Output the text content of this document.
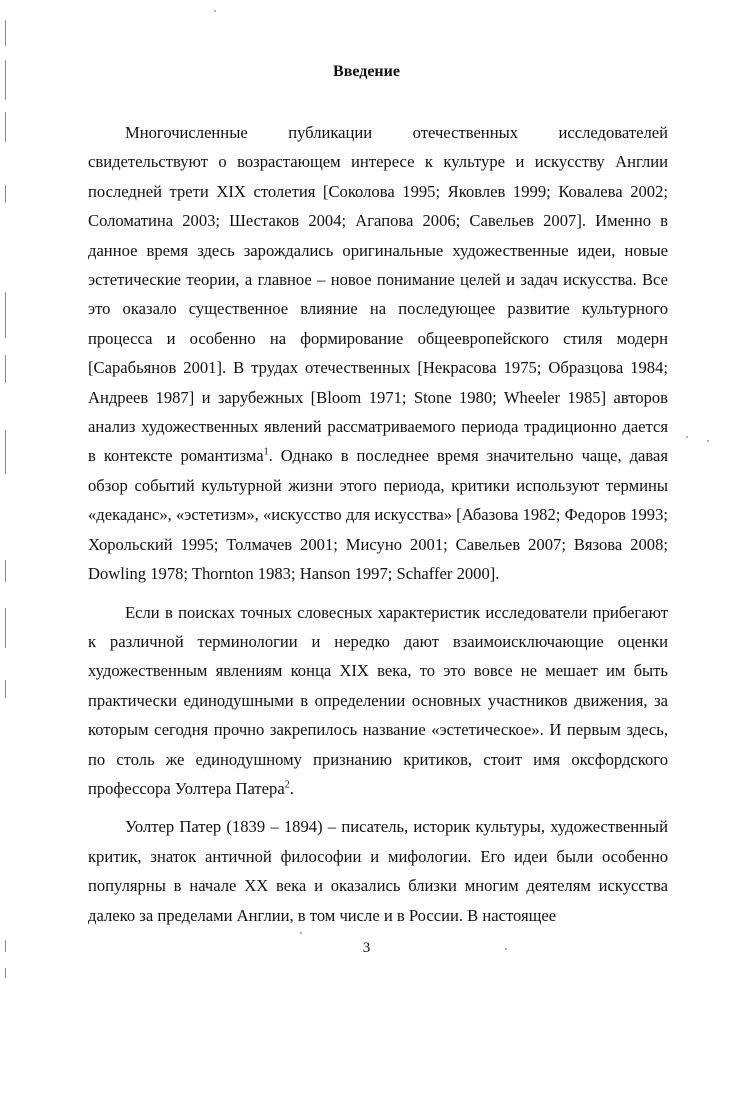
Введение

Многочисленные публикации отечественных исследователей свидетельствуют о возрастающем интересе к культуре и искусству Англии последней трети XIX столетия [Соколова 1995; Яковлев 1999; Ковалева 2002; Соломатина 2003; Шестаков 2004; Агапова 2006; Савельев 2007]. Именно в данное время здесь зарождались оригинальные художественные идеи, новые эстетические теории, а главное – новое понимание целей и задач искусства. Все это оказало существенное влияние на последующее развитие культурного процесса и особенно на формирование общеевропейского стиля модерн [Сарабьянов 2001]. В трудах отечественных [Некрасова 1975; Образцова 1984; Андреев 1987] и зарубежных [Bloom 1971; Stone 1980; Wheeler 1985] авторов анализ художественных явлений рассматриваемого периода традиционно дается в контексте романтизма$^1$. Однако в последнее время значительно чаще, давая обзор событий культурной жизни этого периода, критики используют термины «декаданс», «эстетизм», «искусство для искусства» [Абазова 1982; Федоров 1993; Хорольский 1995; Толмачев 2001; Мисуно 2001; Савельев 2007; Вязова 2008; Dowling 1978; Thornton 1983; Hanson 1997; Schaffer 2000].

Если в поисках точных словесных характеристик исследователи прибегают к различной терминологии и нередко дают взаимоисключающие оценки художественным явлениям конца XIX века, то это вовсе не мешает им быть практически единодушными в определении основных участников движения, за которым сегодня прочно закрепилось название «эстетическое». И первым здесь, по столь же единодушному признанию критиков, стоит имя оксфордского профессора Уолтера Патера$^2$.

Уолтер Патер (1839 – 1894) – писатель, историк культуры, художественный критик, знаток античной философии и мифологии. Его идеи были особенно популярны в начале XX века и оказались близки многим деятелям искусства далеко за пределами Англии, в том числе и в России. В настоящее

3
